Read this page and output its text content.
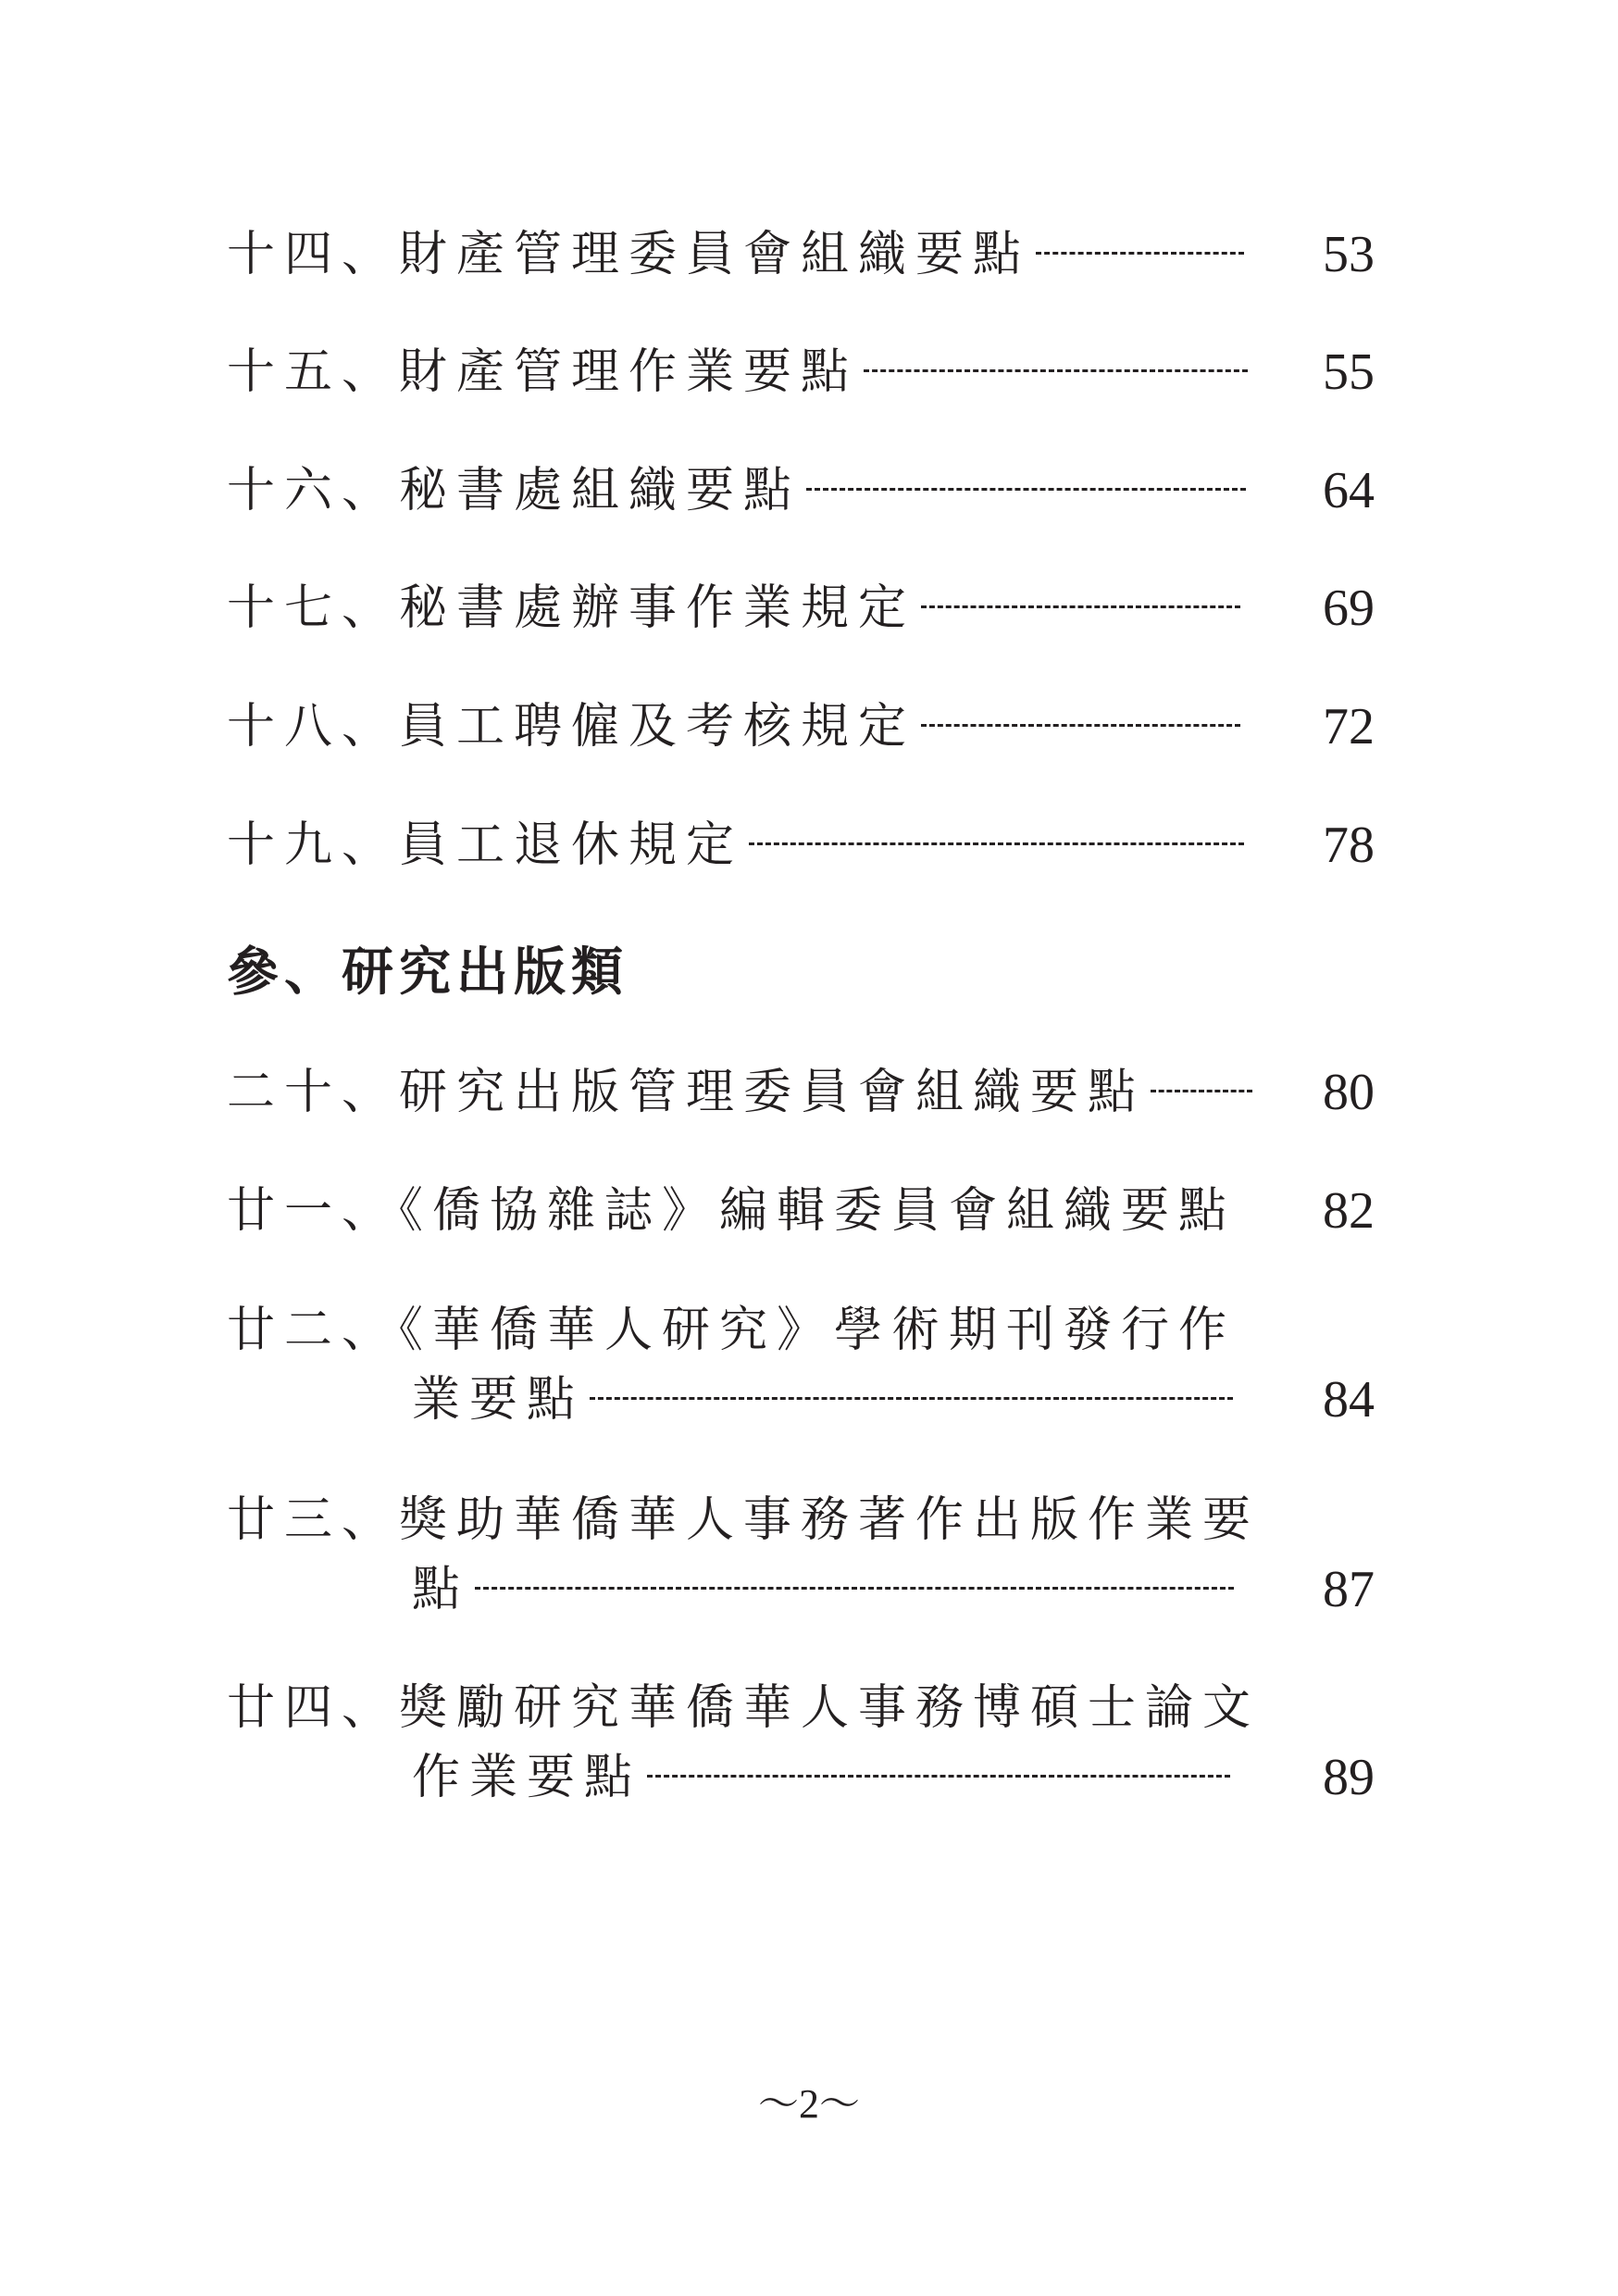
十四、財產管理委員會組織要點	53
十五、財產管理作業要點	55
十六、秘書處組織要點	64
十七、秘書處辦事作業規定	69
十八、員工聘僱及考核規定	72
十九、員工退休規定	78
參、研究出版類
二十、研究出版管理委員會組織要點	80
廿一、《僑協雜誌》編輯委員會組織要點	82
廿二、《華僑華人研究》學術期刊發行作
業要點	84
廿三、獎助華僑華人事務著作出版作業要
點	87
廿四、獎勵研究華僑華人事務博碩士論文
作業要點	89
～2～
